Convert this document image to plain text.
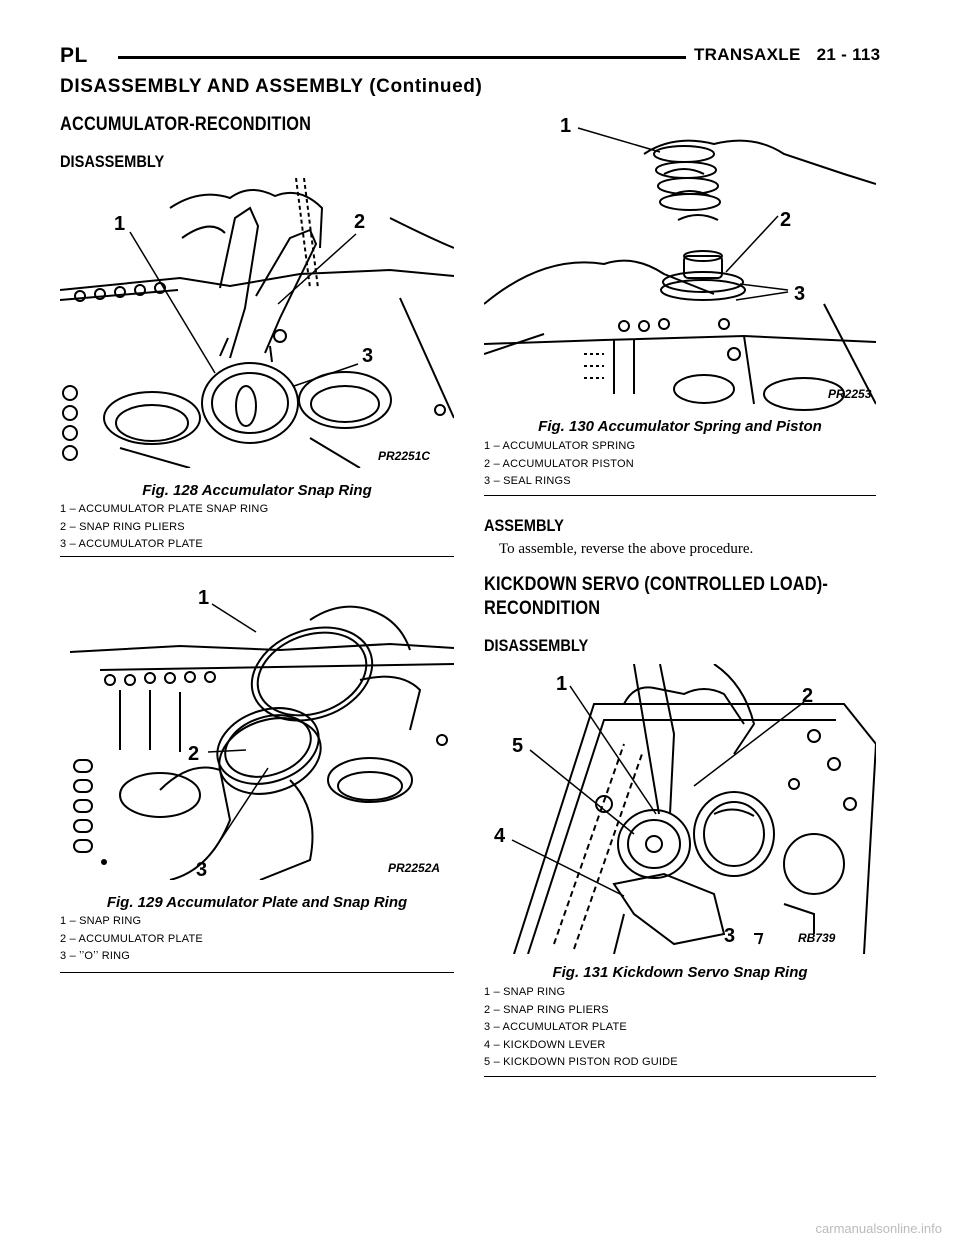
PL	TRANSAXLE 21 - 113
DISASSEMBLY AND ASSEMBLY (Continued)
ACCUMULATOR-RECONDITION
DISASSEMBLY
1	2
3
PR2251C
Fig. 128 Accumulator Snap Ring
1 – ACCUMULATOR PLATE SNAP RING
2 – SNAP RING PLIERS
3 – ACCUMULATOR PLATE
1
2
3	PR2252A
Fig. 129 Accumulator Plate and Snap Ring
1 – SNAP RING
2 – ACCUMULATOR PLATE
3 – ʼʼOʼʼ RING
1
2
3
PR2253
Fig. 130 Accumulator Spring and Piston
1 – ACCUMULATOR SPRING
2 – ACCUMULATOR PISTON
3 – SEAL RINGS
ASSEMBLY
To assemble, reverse the above procedure.
KICKDOWN SERVO (CONTROLLED LOAD)-
RECONDITION
DISASSEMBLY
1
2
3
4
5
RB739
Fig. 131 Kickdown Servo Snap Ring
1 – SNAP RING
2 – SNAP RING PLIERS
3 – ACCUMULATOR PLATE
4 – KICKDOWN LEVER
5 – KICKDOWN PISTON ROD GUIDE
carmanualsonline.info
